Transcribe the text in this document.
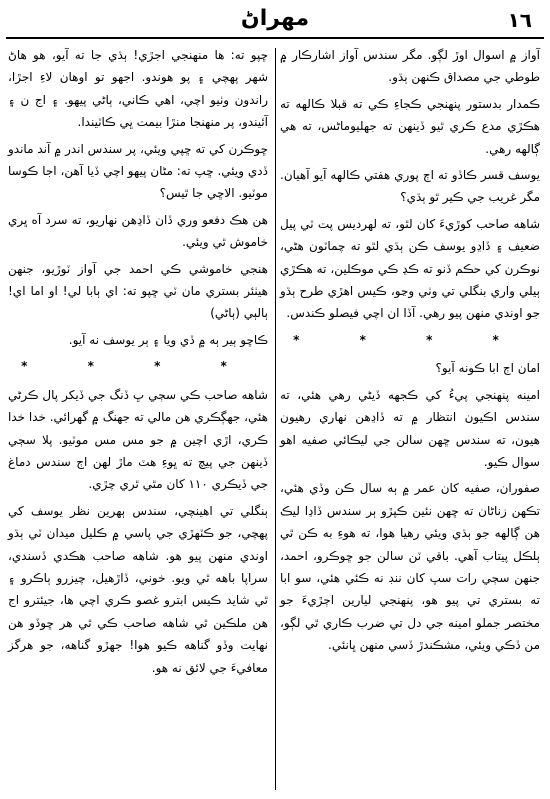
مهراڻ	١٦

آواز ۾ اسوال اوڙ لڳو. مگر سندس آواز اشارڪار ۾ طوطي جي مصداق ڪنهن ٻڌو.

ڪمدار بدستور پنهنجي ڪجاءِ ڪي ته قبلا ڪالهه ته هڪڙي مدع ڪري ٿيو ڏينهن ته جهليوماڻس، ته هي ڳالهه رهي.

يوسف قسر ڪاڏو ته اڄ پوري هفتي ڪالهه آيو آهيان. مگر غريب جي ڪير ٿو ٻڌي؟

شاهه صاحب کوڙيءَ کان لٿو، ته لهرديس پت ٽي پيل ضعيف ۽ ڏاڍو يوسف ڪن ٻڌي لٿو ته چماٽون هڻي، نوڪرن کي حڪم ڏنو ته ڪڍ ڪي موڪلين، ته هڪڙي ٻيلي واري بنگلي تي وٺي وڃو، ڪيس اهڙي طرح ٻڌو جو اوندي منهن پيو رهي. آڏا ان اچي فيصلو ڪندس.

* * * *

امان اڄ ابا ڪونه آيو؟

امينه پنهنجي پيءُ کي ڪجهه ڏيڻي رهي هئي، ته سندس اڪيون انتظار ۾ ته ڏاڍهن نهاري رهيون هيون، ته سندس ڇهن سالن جي ليڪائي صفيه اهو سوال ڪيو.

صفوران، صفيه کان عمر ۾ ٻه سال ڪن وڏي هئي، تڪهن زناڻان ته ڇهن نئين ڪپڙو ٻر سندس ڏاڍا ليڪ هن ڳالهه جو ٻڌي ويئي رهيا هوا، ته هوءِ به ڪن ٿي ٻلڪل پيتاب آهي. باقي ٽن سالن جو ڇوڪرو، احمد، جنهن سڄي رات سپ کان ننڊ نه ڪئي هئي، سو ابا ته بستري تي پيو هو، پنهنجي ليارين اڄڙيءَ جو مختصر جملو امينه جي دل تي ضرب ڪاري ٿي لڳو، من ڏڪي ويئي، مشڪندڙ ڏسي منهن ڀانئي.

ڇپو ته: ها منهنجي اجڙي! ٻڌي جا ته آيو، هو هاڻ شهر پهچي ۽ پو هوندو. اجهو تو اوهان لاءِ اجڙا، راندون وٺيو اچي، اهي ڪاني، ٻاڻي پيهو. ۽ اج ن ۽ آئيندو، پر منهنجا منڙا بيمت ڀي ڪاٽيندا.

ڇوڪرن کي ته ڇپي ويئي، پر سندس اندر ۾ آند ماندو ڏدي ويئي. ڇپ ته: مڻان پيهو اچي ڏيا آهن، اجا ڪوسا موٽيو. الاڇي جا ٿيس؟

هن هڪ دفعو وري ڏان ڏاڍهن نهاريو، ته سرد آه ڀري خاموش ٿي ويئي.

هنجي خاموشي ڪي احمد جي آواز ٽوڙيو، جنهن هيٺئر بستري مان ٽي ڇپو ته: اي ٻابا لي! او اما اي! ٻالٻي (ٻاڻي)

ڪاڇو ٻير ٻه ۾ ڏي ويا ۽ ٻر يوسف نه آيو.

* * * *

شاهه صاحب ڪي سڄي ڀ ڏنگ جي ڏيکر پال ڪرڻي هئي، جهڳڪري هن مالي ته جهنگ ۾ گهرائي. خدا خدا ڪري، اڙي اچين ۾ جو مس مس موٽيو. پلا سڄي ڏينهن جي پيچ ته ڀوءِ هٽ ماڙ لهن اڄ سندس دماغ جي ڏيڪري ١١٠ کان مٿي ٿري چڙي.

ٻنگلي تي اهينچي، سندس ٻهرين نظر يوسف کي پهچي، جو ڪٽهڙي جي پاسي ۾ ڪليل ميدان ٽي ٻڌو اوندي منهن پيو هو. شاهه صاحب هڪدي ڏسندي، سراپا باهه ٿي ويو. خوني، ڏاڙهيل، چيزرو ٻاڪرو ۽ ٿي شايد ڪيس ابترو غصو ڪري اچي ها، جيئترو اج هن ملڪين ٿي شاهه صاحب ڪي ٿي هر ڇوڏو هن نهايت وڏو گناهه ڪيو هوا! جهڙو گناهه، جو هرگز معافيءَ جي لائق نه هو.
